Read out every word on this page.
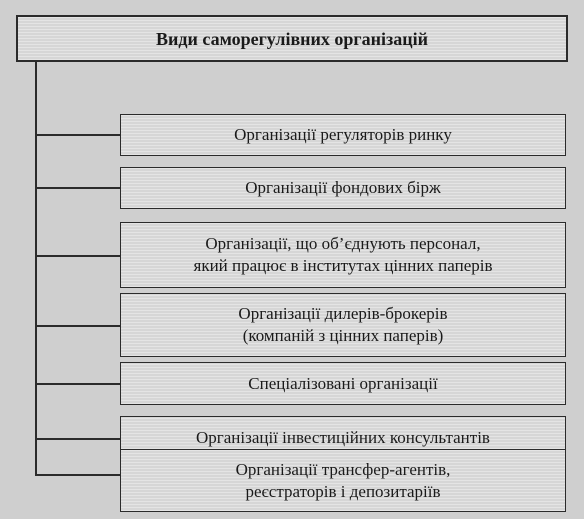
Види саморегулівних організацій
Організації регуляторів ринку
Організації фондових бірж
Організації, що об’єднують персонал,
який працює в інститутах цінних паперів
Організації дилерів-брокерів
(компаній з цінних паперів)
Спеціалізовані організації
Організації інвестиційних консультантів
Організації трансфер-агентів,
реєстраторів і депозитаріїв
